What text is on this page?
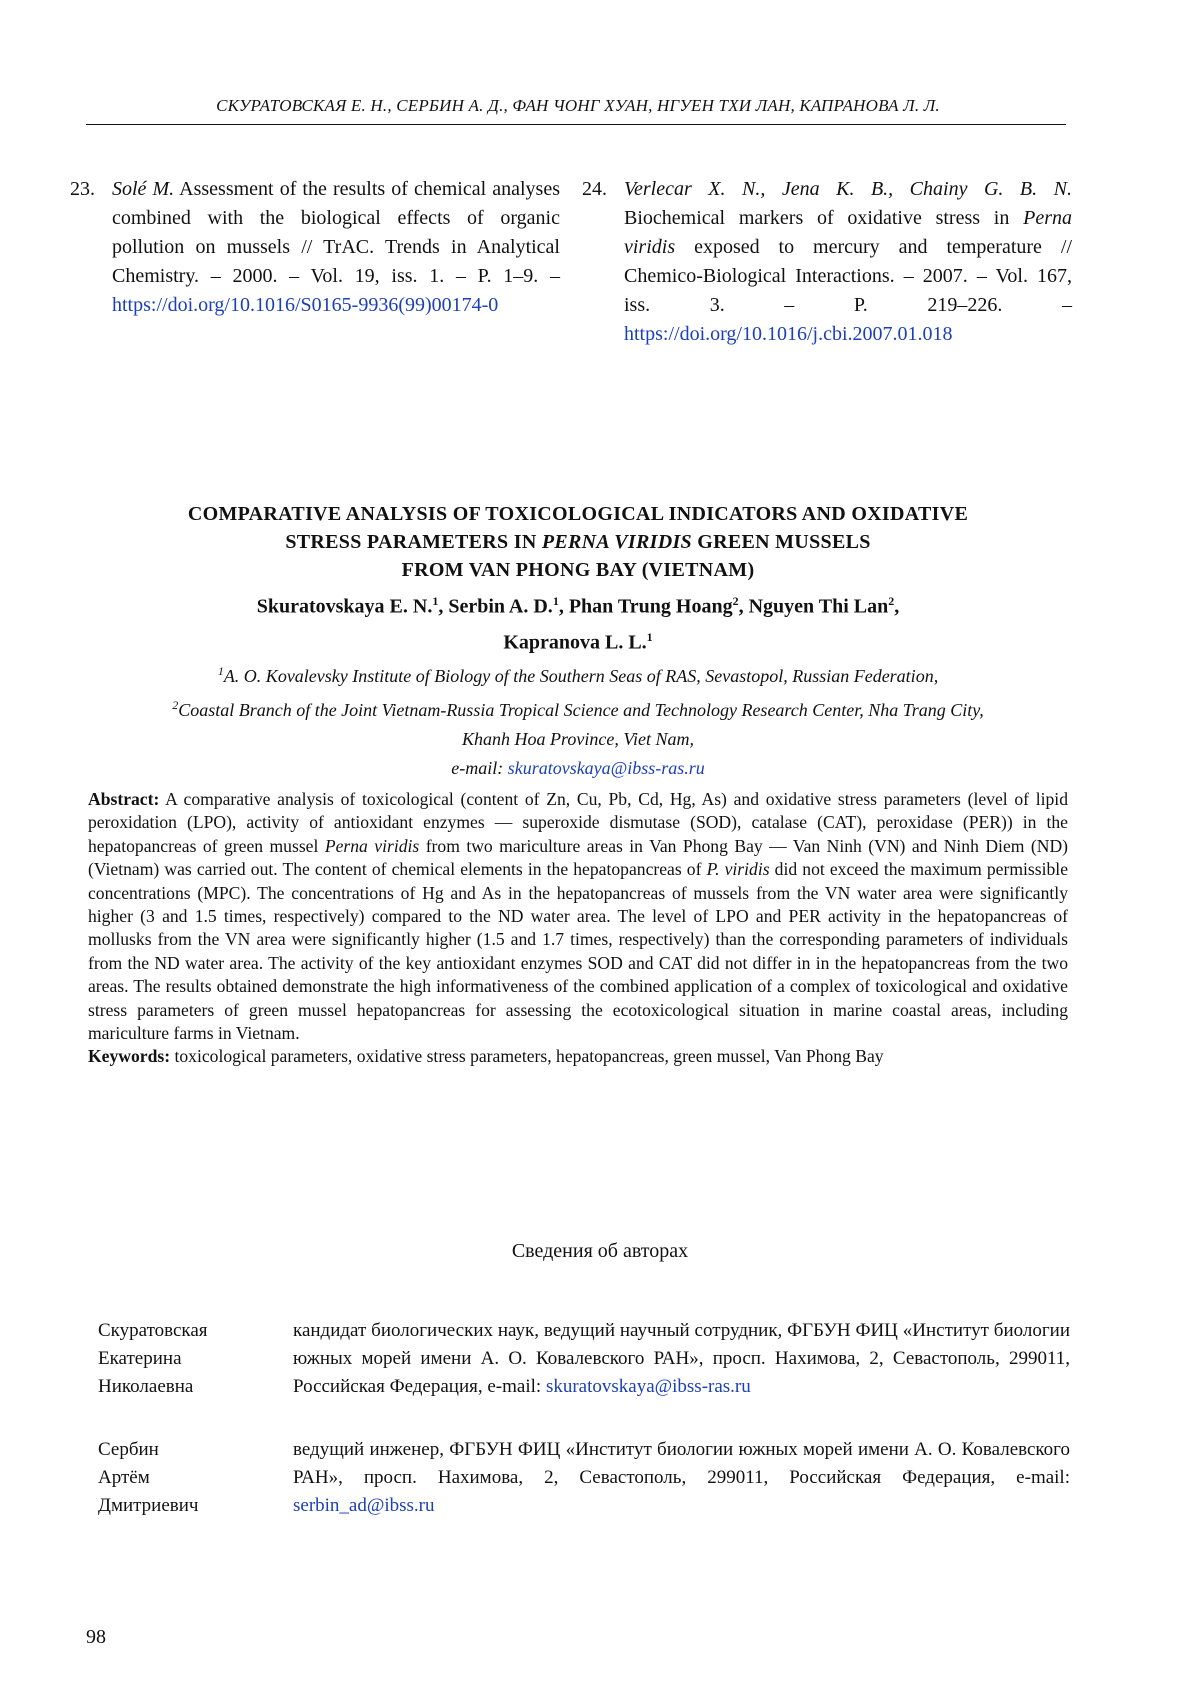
СКУРАТОВСКАЯ Е. Н., СЕРБИН А. Д., ФАН ЧОНГ ХУАН, НГУЕН ТХИ ЛАН, КАПРАНОВА Л. Л.
23. Solé M. Assessment of the results of chemical analyses combined with the biological effects of organic pollution on mussels // TrAC. Trends in Analytical Chemistry. – 2000. – Vol. 19, iss. 1. – P. 1–9. – https://doi.org/10.1016/S0165-9936(99)00174-0
24. Verlecar X. N., Jena K. B., Chainy G. B. N. Biochemical markers of oxidative stress in Perna viridis exposed to mercury and temperature // Chemico-Biological Interactions. – 2007. – Vol. 167, iss. 3. – P. 219–226. – https://doi.org/10.1016/j.cbi.2007.01.018
COMPARATIVE ANALYSIS OF TOXICOLOGICAL INDICATORS AND OXIDATIVE
STRESS PARAMETERS IN PERNA VIRIDIS GREEN MUSSELS
FROM VAN PHONG BAY (VIETNAM)
Skuratovskaya E. N.$^1$, Serbin A. D.$^1$, Phan Trung Hoang$^2$, Nguyen Thi Lan$^2$,
Kapranova L. L.$^1$
$^1$A. O. Kovalevsky Institute of Biology of the Southern Seas of RAS, Sevastopol, Russian Federation,
$^2$Coastal Branch of the Joint Vietnam-Russia Tropical Science and Technology Research Center, Nha Trang City,
Khanh Hoa Province, Viet Nam,
e-mail: skuratovskaya@ibss-ras.ru
Abstract: A comparative analysis of toxicological (content of Zn, Cu, Pb, Cd, Hg, As) and oxidative stress parameters (level of lipid peroxidation (LPO), activity of antioxidant enzymes — superoxide dismutase (SOD), catalase (CAT), peroxidase (PER)) in the hepatopancreas of green mussel Perna viridis from two mariculture areas in Van Phong Bay — Van Ninh (VN) and Ninh Diem (ND) (Vietnam) was carried out. The content of chemical elements in the hepatopancreas of P. viridis did not exceed the maximum permissible concentrations (MPC). The concentrations of Hg and As in the hepatopancreas of mussels from the VN water area were significantly higher (3 and 1.5 times, respectively) compared to the ND water area. The level of LPO and PER activity in the hepatopancreas of mollusks from the VN area were significantly higher (1.5 and 1.7 times, respectively) than the corresponding parameters of individuals from the ND water area. The activity of the key antioxidant enzymes SOD and CAT did not differ in in the hepatopancreas from the two areas. The results obtained demonstrate the high informativeness of the combined application of a complex of toxicological and oxidative stress parameters of green mussel hepatopancreas for assessing the ecotoxicological situation in marine coastal areas, including mariculture farms in Vietnam.
Keywords: toxicological parameters, oxidative stress parameters, hepatopancreas, green mussel, Van Phong Bay
Сведения об авторах
Скуратовская
Екатерина
Николаевна
кандидат биологических наук, ведущий научный сотрудник, ФГБУН ФИЦ «Институт биологии южных морей имени А. О. Ковалевского РАН», просп. Нахимова, 2, Севастополь, 299011, Российская Федерация, e-mail: skuratovskaya@ibss-ras.ru
Сербин
Артём
Дмитриевич
ведущий инженер, ФГБУН ФИЦ «Институт биологии южных морей имени А. О. Ковалевского РАН», просп. Нахимова, 2, Севастополь, 299011, Российская Федерация, e-mail: serbin_ad@ibss.ru
98
